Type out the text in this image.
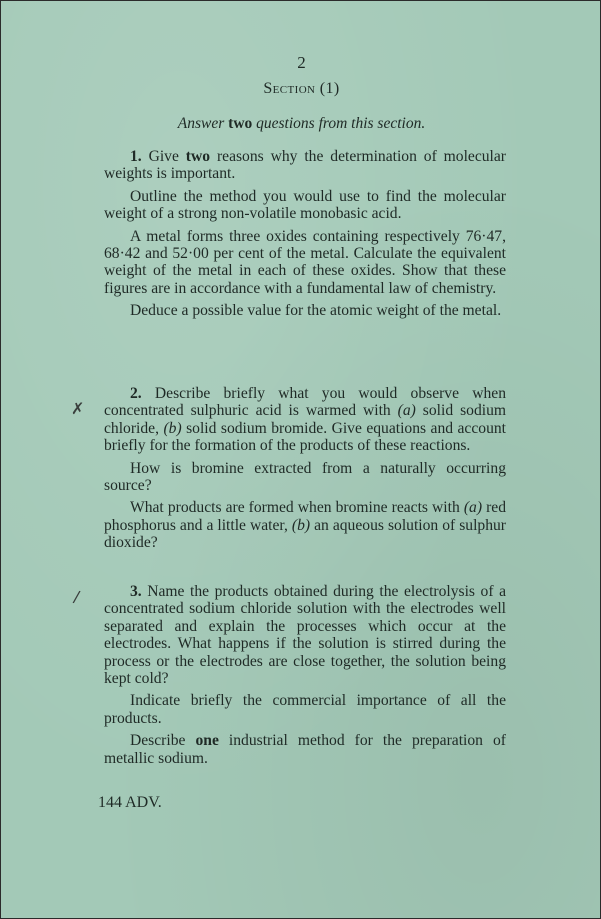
2
Section (1)
Answer two questions from this section.

1. Give two reasons why the determination of molecular weights is important.

Outline the method you would use to find the molecular weight of a strong non-volatile monobasic acid.

A metal forms three oxides containing respectively 76·47, 68·42 and 52·00 per cent of the metal. Calculate the equivalent weight of the metal in each of these oxides. Show that these figures are in accordance with a fundamental law of chemistry.

Deduce a possible value for the atomic weight of the metal.

2. Describe briefly what you would observe when concentrated sulphuric acid is warmed with (a) solid sodium chloride, (b) solid sodium bromide. Give equations and account briefly for the formation of the products of these reactions.

How is bromine extracted from a naturally occurring source?

What products are formed when bromine reacts with (a) red phosphorus and a little water, (b) an aqueous solution of sulphur dioxide?

3. Name the products obtained during the electrolysis of a concentrated sodium chloride solution with the electrodes well separated and explain the processes which occur at the electrodes. What happens if the solution is stirred during the process or the electrodes are close together, the solution being kept cold?

Indicate briefly the commercial importance of all the products.

Describe one industrial method for the preparation of metallic sodium.

144 ADV.
✗
/
